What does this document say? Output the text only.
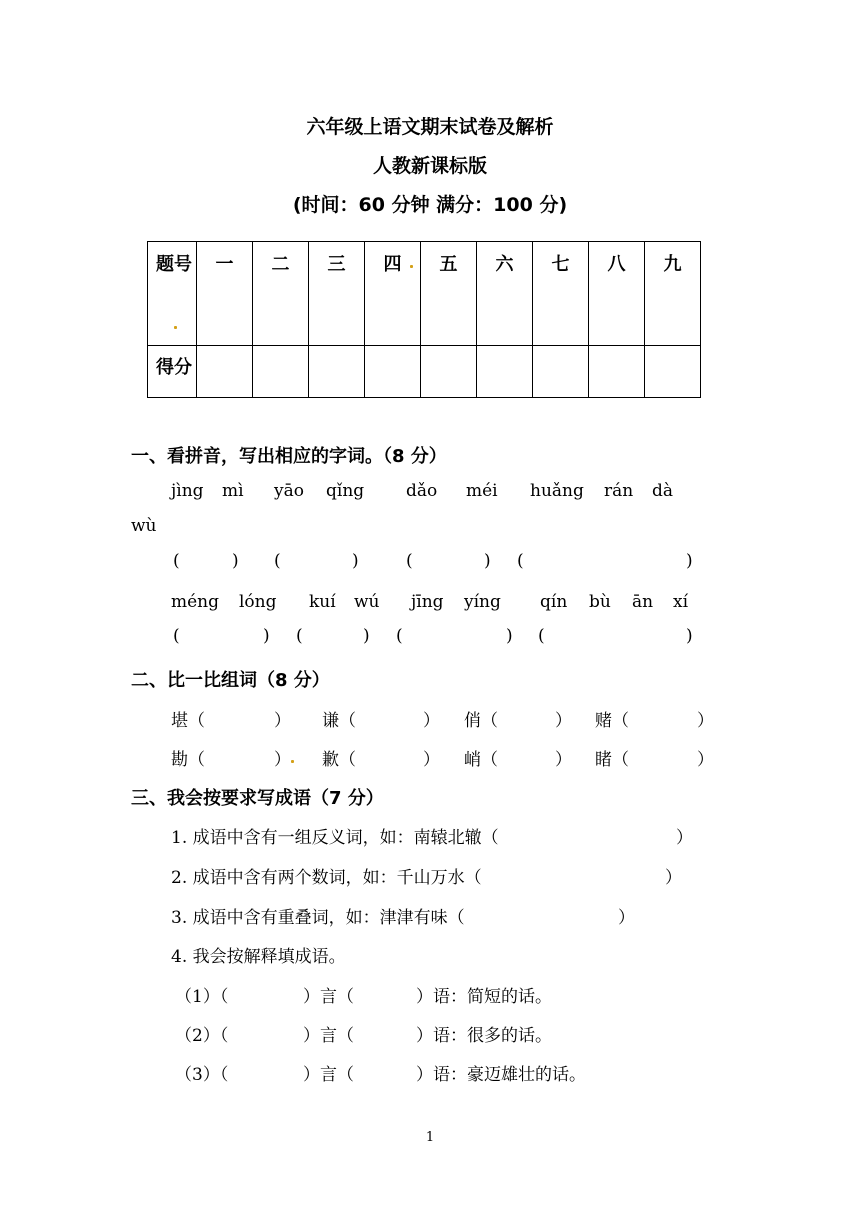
六年级上语文期末试卷及解析
人教新课标版
(时间：60 分钟 满分：100 分)
题号	一	二	三	四	五	六	七	八	九
得分									
一、看拼音，写出相应的字词。（8 分）
jìng mì yāo qǐng dǎo méi huǎng rán dà
wù
(	) (	)	(	) (	)
méng lóng kuí wú jīng yíng qín bù ān xí
(	) (	) (	) (	)
二、比一比组词（8 分）
堪（	） 谦（	） 俏（	） 赌（	）
勘（	） 歉（	） 峭（	） 睹（	）
三、我会按要求写成语（7 分）
1. 成语中含有一组反义词，如：南辕北辙（	）
2. 成语中含有两个数词，如：千山万水（	）
3. 成语中含有重叠词，如：津津有味（	）
4. 我会按解释填成语。
（1）（	）言（	）语：简短的话。
（2）（	）言（	）语：很多的话。
（3）（	）言（	）语：豪迈雄壮的话。
1
